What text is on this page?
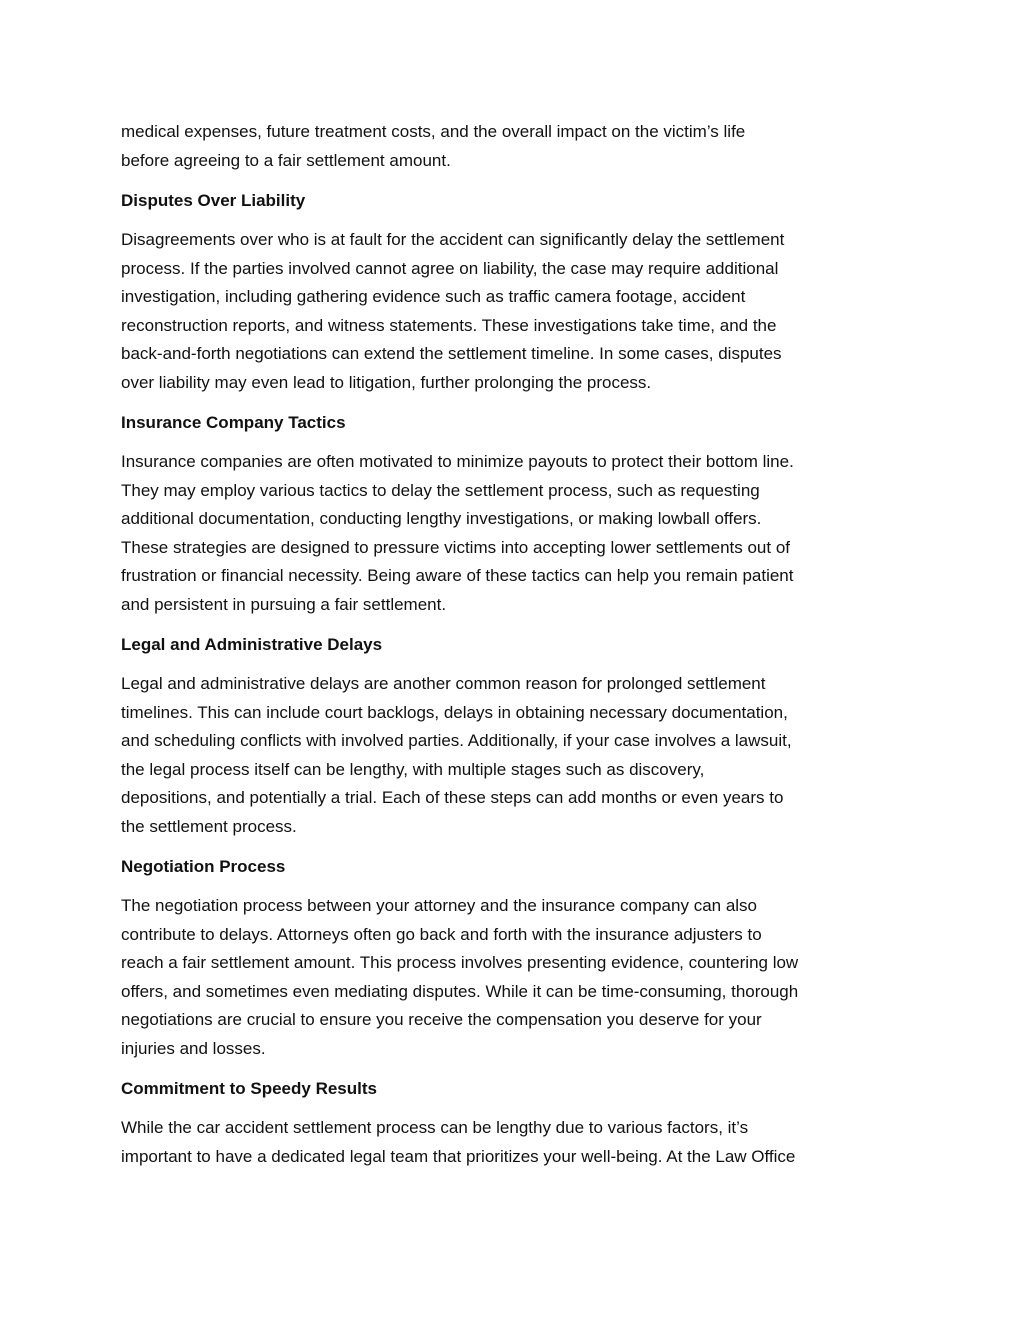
medical expenses, future treatment costs, and the overall impact on the victim’s life
before agreeing to a fair settlement amount.

Disputes Over Liability

Disagreements over who is at fault for the accident can significantly delay the settlement
process. If the parties involved cannot agree on liability, the case may require additional
investigation, including gathering evidence such as traffic camera footage, accident
reconstruction reports, and witness statements. These investigations take time, and the
back-and-forth negotiations can extend the settlement timeline. In some cases, disputes
over liability may even lead to litigation, further prolonging the process.

Insurance Company Tactics

Insurance companies are often motivated to minimize payouts to protect their bottom line.
They may employ various tactics to delay the settlement process, such as requesting
additional documentation, conducting lengthy investigations, or making lowball offers.
These strategies are designed to pressure victims into accepting lower settlements out of
frustration or financial necessity. Being aware of these tactics can help you remain patient
and persistent in pursuing a fair settlement.

Legal and Administrative Delays

Legal and administrative delays are another common reason for prolonged settlement
timelines. This can include court backlogs, delays in obtaining necessary documentation,
and scheduling conflicts with involved parties. Additionally, if your case involves a lawsuit,
the legal process itself can be lengthy, with multiple stages such as discovery,
depositions, and potentially a trial. Each of these steps can add months or even years to
the settlement process.

Negotiation Process

The negotiation process between your attorney and the insurance company can also
contribute to delays. Attorneys often go back and forth with the insurance adjusters to
reach a fair settlement amount. This process involves presenting evidence, countering low
offers, and sometimes even mediating disputes. While it can be time-consuming, thorough
negotiations are crucial to ensure you receive the compensation you deserve for your
injuries and losses.

Commitment to Speedy Results

While the car accident settlement process can be lengthy due to various factors, it’s
important to have a dedicated legal team that prioritizes your well-being. At the Law Office
